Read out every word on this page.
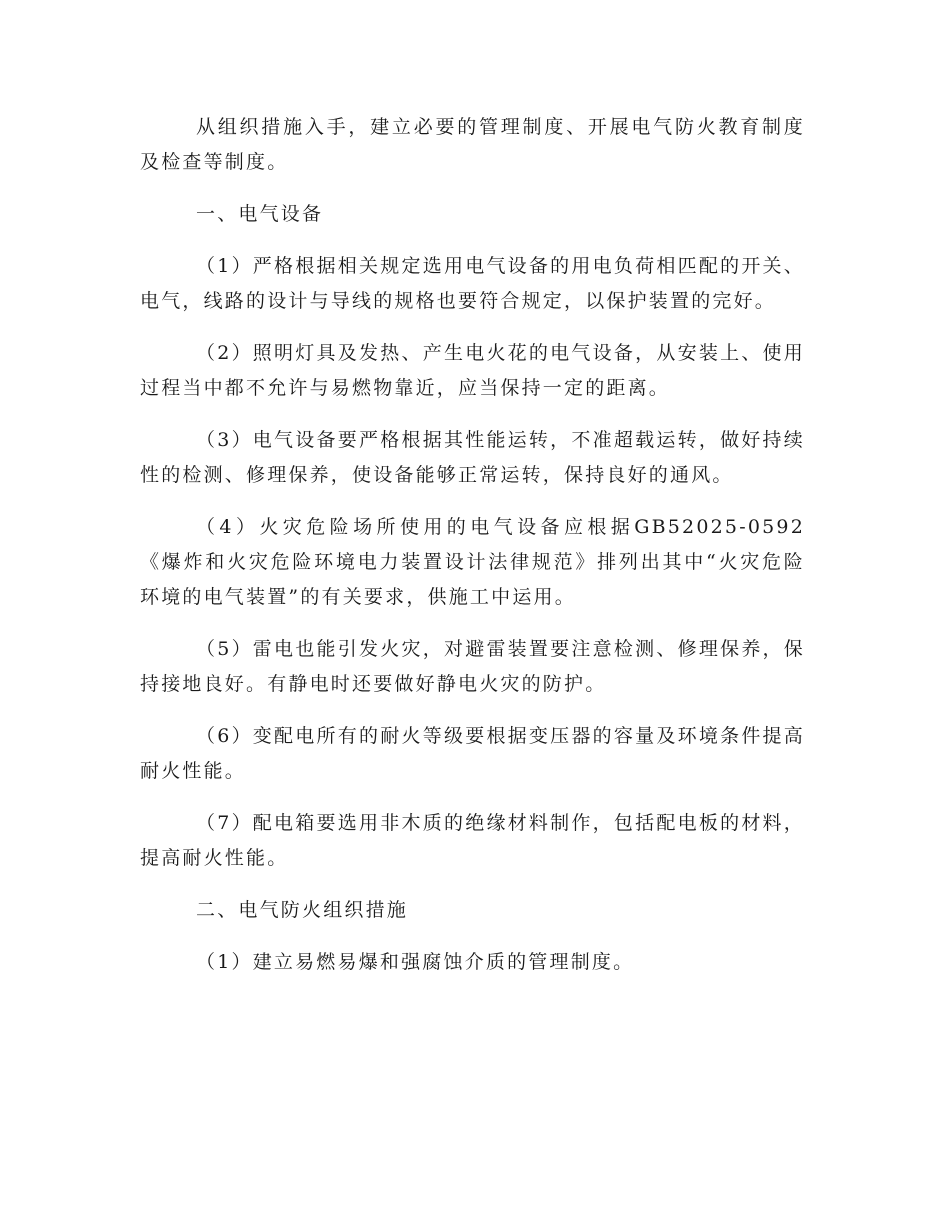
从组织措施入手，建立必要的管理制度、开展电气防火教育制度及检查等制度。

一、电气设备

（1）严格根据相关规定选用电气设备的用电负荷相匹配的开关、电气，线路的设计与导线的规格也要符合规定，以保护装置的完好。

（2）照明灯具及发热、产生电火花的电气设备，从安装上、使用过程当中都不允许与易燃物靠近，应当保持一定的距离。

（3）电气设备要严格根据其性能运转，不准超载运转，做好持续性的检测、修理保养，使设备能够正常运转，保持良好的通风。

（4）火灾危险场所使用的电气设备应根据GB52025-0592《爆炸和火灾危险环境电力装置设计法律规范》排列出其中“火灾危险环境的电气装置”的有关要求，供施工中运用。

（5）雷电也能引发火灾，对避雷装置要注意检测、修理保养，保持接地良好。有静电时还要做好静电火灾的防护。

（6）变配电所有的耐火等级要根据变压器的容量及环境条件提高耐火性能。

（7）配电箱要选用非木质的绝缘材料制作，包括配电板的材料，提高耐火性能。

二、电气防火组织措施

（1）建立易燃易爆和强腐蚀介质的管理制度。
